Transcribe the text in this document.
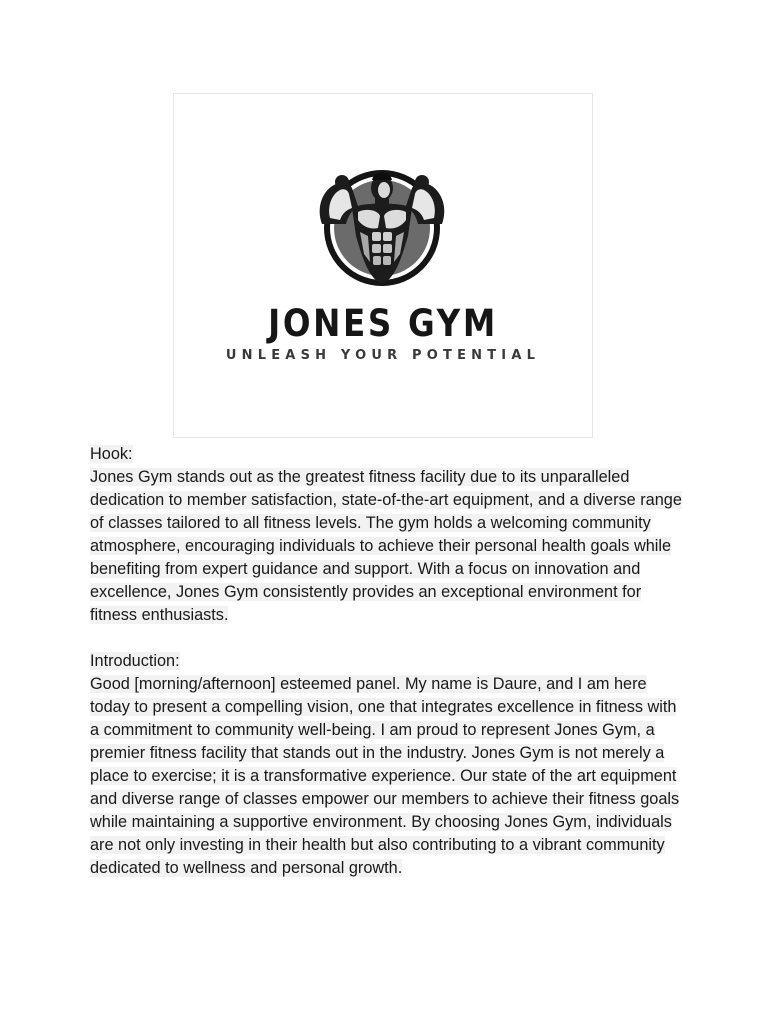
JONES GYM
UNLEASH YOUR POTENTIAL

Hook:

Jones Gym stands out as the greatest fitness facility due to its unparalleled dedication to member satisfaction, state-of-the-art equipment, and a diverse range of classes tailored to all fitness levels. The gym holds a welcoming community atmosphere, encouraging individuals to achieve their personal health goals while benefiting from expert guidance and support. With a focus on innovation and excellence, Jones Gym consistently provides an exceptional environment for fitness enthusiasts.

Introduction:

Good [morning/afternoon] esteemed panel. My name is Daure, and I am here today to present a compelling vision, one that integrates excellence in fitness with a commitment to community well-being. I am proud to represent Jones Gym, a premier fitness facility that stands out in the industry. Jones Gym is not merely a place to exercise; it is a transformative experience. Our state of the art equipment and diverse range of classes empower our members to achieve their fitness goals while maintaining a supportive environment. By choosing Jones Gym, individuals are not only investing in their health but also contributing to a vibrant community dedicated to wellness and personal growth.
